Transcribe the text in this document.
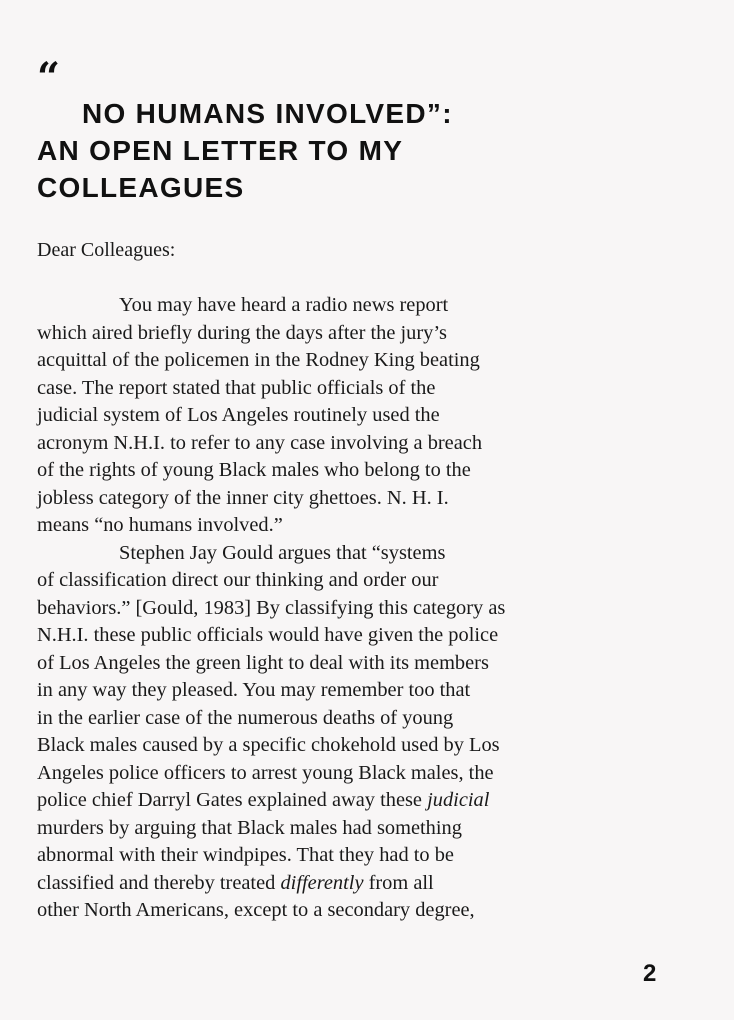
“
NO HUMANS INVOLVED”:
AN OPEN LETTER TO MY
COLLEAGUES
Dear Colleagues:
You may have heard a radio news report
which aired briefly during the days after the jury’s
acquittal of the policemen in the Rodney King beating
case. The report stated that public officials of the
judicial system of Los Angeles routinely used the
acronym N.H.I. to refer to any case involving a breach
of the rights of young Black males who belong to the
jobless category of the inner city ghettoes. N. H. I.
means “no humans involved.”
Stephen Jay Gould argues that “systems
of classification direct our thinking and order our
behaviors.” [Gould, 1983] By classifying this category as
N.H.I. these public officials would have given the police
of Los Angeles the green light to deal with its members
in any way they pleased. You may remember too that
in the earlier case of the numerous deaths of young
Black males caused by a specific chokehold used by Los
Angeles police officers to arrest young Black males, the
police chief Darryl Gates explained away these judicial
murders by arguing that Black males had something
abnormal with their windpipes. That they had to be
classified and thereby treated differently from all
other North Americans, except to a secondary degree,
2
